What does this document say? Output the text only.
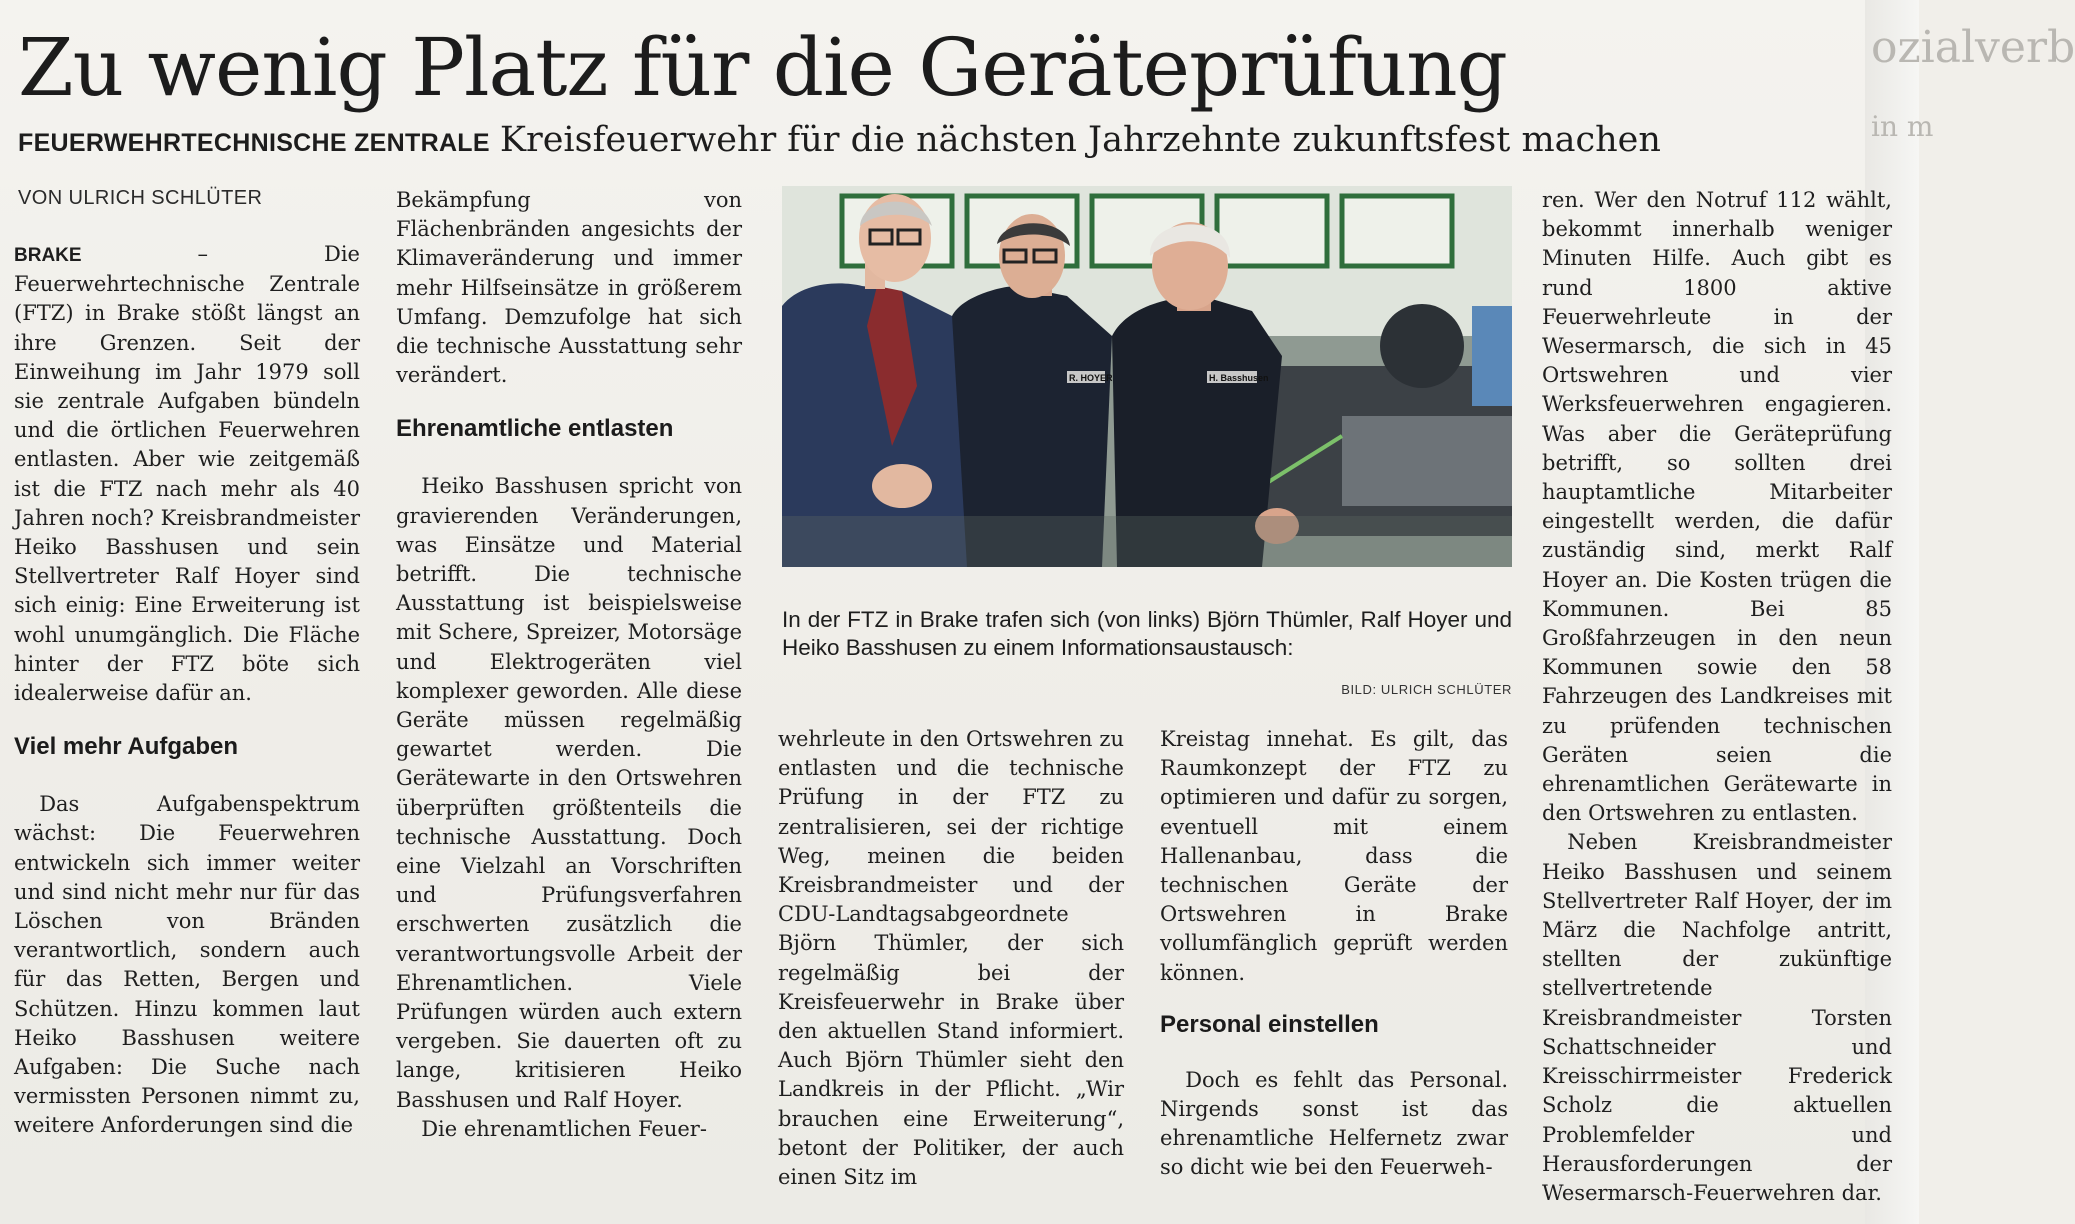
ozialverb
in m
Zu wenig Platz für die Geräteprüfung
FEUERWEHRTECHNISCHE ZENTRALE Kreisfeuerwehr für die nächsten Jahrzehnte zukunftsfest machen

VON ULRICH SCHLÜTER

BRAKE – Die Feuerwehrtechnische Zentrale (FTZ) in Brake stößt längst an ihre Grenzen. Seit der Einweihung im Jahr 1979 soll sie zentrale Aufgaben bündeln und die örtlichen Feuerwehren entlasten. Aber wie zeitgemäß ist die FTZ nach mehr als 40 Jahren noch? Kreisbrandmeister Heiko Basshusen und sein Stellvertreter Ralf Hoyer sind sich einig: Eine Erweiterung ist wohl unumgänglich. Die Fläche hinter der FTZ böte sich idealerweise dafür an.

Viel mehr Aufgaben

Das Aufgabenspektrum wächst: Die Feuerwehren entwickeln sich immer weiter und sind nicht mehr nur für das Löschen von Bränden verantwortlich, sondern auch für das Retten, Bergen und Schützen. Hinzu kommen laut Heiko Basshusen weitere Aufgaben: Die Suche nach vermissten Personen nimmt zu, weitere Anforderungen sind die

Bekämpfung von Flächenbränden angesichts der Klimaveränderung und immer mehr Hilfseinsätze in größerem Umfang. Demzufolge hat sich die technische Ausstattung sehr verändert.

Ehrenamtliche entlasten

Heiko Basshusen spricht von gravierenden Veränderungen, was Einsätze und Material betrifft. Die technische Ausstattung ist beispielsweise mit Schere, Spreizer, Motorsäge und Elektrogeräten viel komplexer geworden. Alle diese Geräte müssen regelmäßig gewartet werden. Die Gerätewarte in den Ortswehren überprüften größtenteils die technische Ausstattung. Doch eine Vielzahl an Vorschriften und Prüfungsverfahren erschwerten zusätzlich die verantwortungsvolle Arbeit der Ehrenamtlichen. Viele Prüfungen würden auch extern vergeben. Sie dauerten oft zu lange, kritisieren Heiko Basshusen und Ralf Hoyer.

Die ehrenamtlichen Feuer-

R. HOYER	H. Basshusen

In der FTZ in Brake trafen sich (von links) Björn Thümler, Ralf Hoyer und Heiko Basshusen zu einem Informationsaustausch:

BILD: ULRICH SCHLÜTER

wehrleute in den Ortswehren zu entlasten und die technische Prüfung in der FTZ zu zentralisieren, sei der richtige Weg, meinen die beiden Kreisbrandmeister und der CDU-Landtagsabgeordnete Björn Thümler, der sich regelmäßig bei der Kreisfeuerwehr in Brake über den aktuellen Stand informiert. Auch Björn Thümler sieht den Landkreis in der Pflicht. „Wir brauchen eine Erweiterung“, betont der Politiker, der auch einen Sitz im

Kreistag innehat. Es gilt, das Raumkonzept der FTZ zu optimieren und dafür zu sorgen, eventuell mit einem Hallenanbau, dass die technischen Geräte der Ortswehren in Brake vollumfänglich geprüft werden können.

Personal einstellen

Doch es fehlt das Personal. Nirgends sonst ist das ehrenamtliche Helfernetz zwar so dicht wie bei den Feuerweh-

ren. Wer den Notruf 112 wählt, bekommt innerhalb weniger Minuten Hilfe. Auch gibt es rund 1800 aktive Feuerwehrleute in der Wesermarsch, die sich in 45 Ortswehren und vier Werksfeuerwehren engagieren. Was aber die Geräteprüfung betrifft, so sollten drei hauptamtliche Mitarbeiter eingestellt werden, die dafür zuständig sind, merkt Ralf Hoyer an. Die Kosten trügen die Kommunen. Bei 85 Großfahrzeugen in den neun Kommunen sowie den 58 Fahrzeugen des Landkreises mit zu prüfenden technischen Geräten seien die ehrenamtlichen Gerätewarte in den Ortswehren zu entlasten.

Neben Kreisbrandmeister Heiko Basshusen und seinem Stellvertreter Ralf Hoyer, der im März die Nachfolge antritt, stellten der zukünftige stellvertretende Kreisbrandmeister Torsten Schattschneider und Kreisschirrmeister Frederick Scholz die aktuellen Problemfelder und Herausforderungen der Wesermarsch-Feuerwehren dar.
